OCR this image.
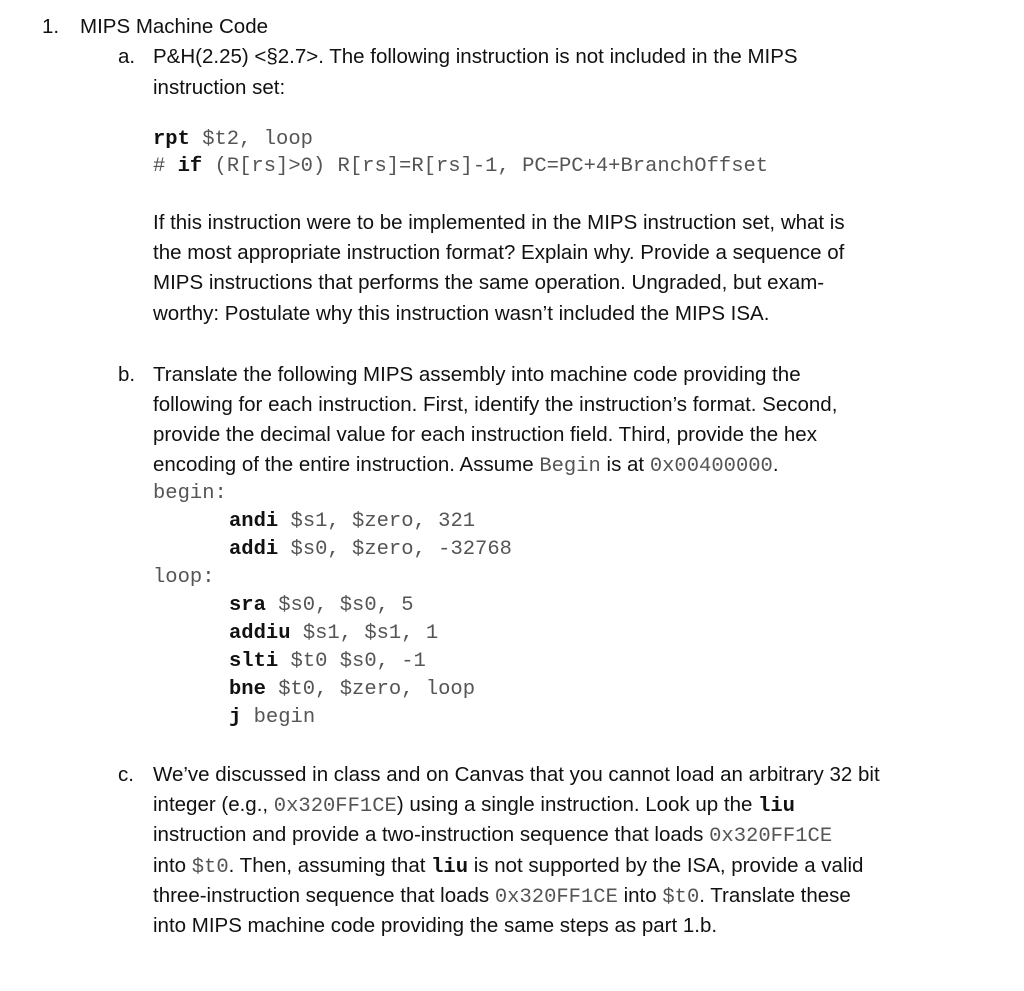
1. MIPS Machine Code
a. P&H(2.25) <§2.7>. The following instruction is not included in the MIPS
instruction set:
rpt $t2, loop
# if (R[rs]>0) R[rs]=R[rs]-1, PC=PC+4+BranchOffset
If this instruction were to be implemented in the MIPS instruction set, what is
the most appropriate instruction format? Explain why. Provide a sequence of
MIPS instructions that performs the same operation. Ungraded, but exam-
worthy: Postulate why this instruction wasn’t included the MIPS ISA.
b. Translate the following MIPS assembly into machine code providing the
following for each instruction. First, identify the instruction’s format. Second,
provide the decimal value for each instruction field. Third, provide the hex
encoding of the entire instruction. Assume Begin is at 0x00400000.
begin:
andi $s1, $zero, 321
addi $s0, $zero, -32768
loop:
sra $s0, $s0, 5
addiu $s1, $s1, 1
slti $t0 $s0, -1
bne $t0, $zero, loop
j begin
c. We’ve discussed in class and on Canvas that you cannot load an arbitrary 32 bit
integer (e.g., 0x320FF1CE) using a single instruction. Look up the liu
instruction and provide a two-instruction sequence that loads 0x320FF1CE
into $t0. Then, assuming that liu is not supported by the ISA, provide a valid
three-instruction sequence that loads 0x320FF1CE into $t0. Translate these
into MIPS machine code providing the same steps as part 1.b.
